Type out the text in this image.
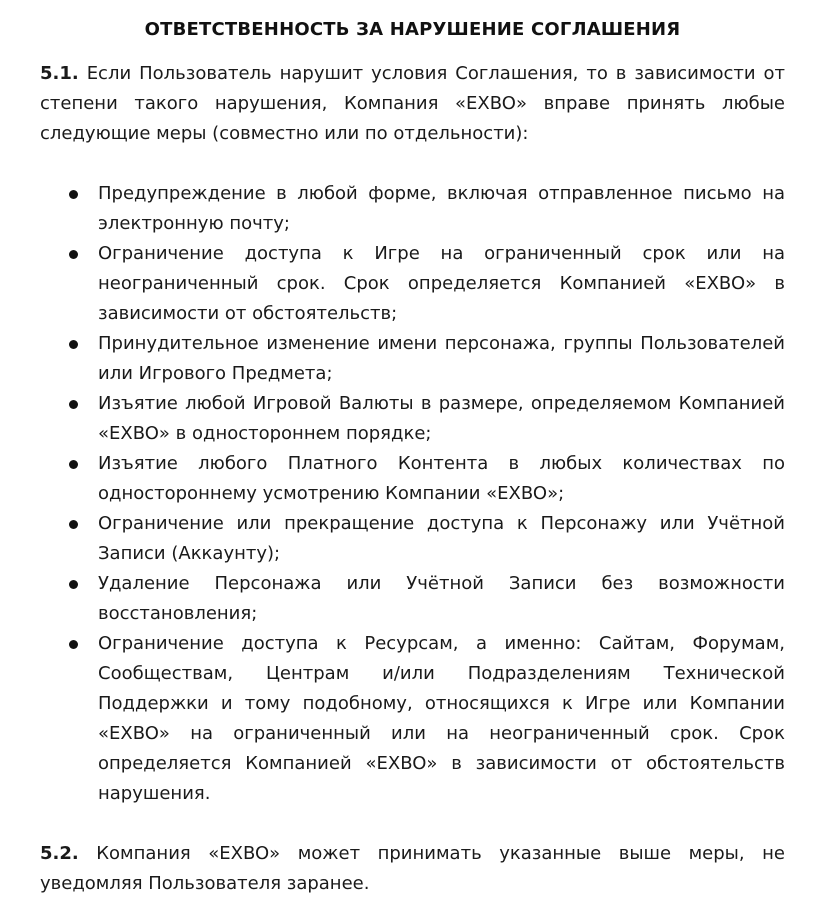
ОТВЕТСТВЕННОСТЬ ЗА НАРУШЕНИЕ СОГЛАШЕНИЯ

5.1. Если Пользователь нарушит условия Соглашения, то в зависимости от степени такого нарушения, Компания «EXBO» вправе принять любые следующие меры (совместно или по отдельности):

Предупреждение в любой форме, включая отправленное письмо на электронную почту;
Ограничение доступа к Игре на ограниченный срок или на неограниченный срок. Срок определяется Компанией «EXBO» в зависимости от обстоятельств;
Принудительное изменение имени персонажа, группы Пользователей или Игрового Предмета;
Изъятие любой Игровой Валюты в размере, определяемом Компанией «EXBO» в одностороннем порядке;
Изъятие любого Платного Контента в любых количествах по одностороннему усмотрению Компании «EXBO»;
Ограничение или прекращение доступа к Персонажу или Учётной Записи (Аккаунту);
Удаление Персонажа или Учётной Записи без возможности восстановления;
Ограничение доступа к Ресурсам, а именно: Сайтам, Форумам, Сообществам, Центрам и/или Подразделениям Технической Поддержки и тому подобному, относящихся к Игре или Компании «EXBO» на ограниченный или на неограниченный срок. Срок определяется Компанией «EXBO» в зависимости от обстоятельств нарушения.

5.2. Компания «EXBO» может принимать указанные выше меры, не уведомляя Пользователя заранее.
